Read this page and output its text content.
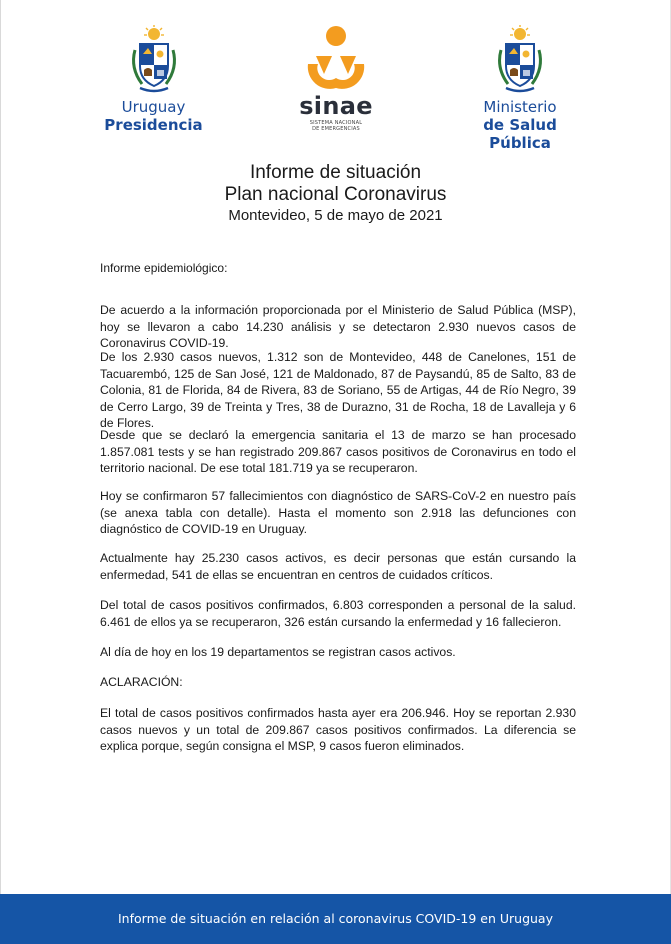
Uruguay
Presidencia
sinae
SISTEMA NACIONAL
DE EMERGENCIAS
Ministerio
de Salud Pública
Informe de situación
Plan nacional Coronavirus
Montevideo, 5 de mayo de 2021
Informe epidemiológico:

De acuerdo a la información proporcionada por el Ministerio de Salud Pública (MSP), hoy se llevaron a cabo 14.230 análisis y se detectaron 2.930 nuevos casos de Coronavirus COVID-19.

De los 2.930 casos nuevos, 1.312 son de Montevideo, 448 de Canelones, 151 de Tacuarembó, 125 de San José, 121 de Maldonado, 87 de Paysandú, 85 de Salto, 83 de Colonia, 81 de Florida, 84 de Rivera, 83 de Soriano, 55 de Artigas, 44 de Río Negro, 39 de Cerro Largo, 39 de Treinta y Tres, 38 de Durazno, 31 de Rocha, 18 de Lavalleja y 6 de Flores.

Desde que se declaró la emergencia sanitaria el 13 de marzo se han procesado 1.857.081 tests y se han registrado 209.867 casos positivos de Coronavirus en todo el territorio nacional. De ese total 181.719 ya se recuperaron.

Hoy se confirmaron 57 fallecimientos con diagnóstico de SARS-CoV-2 en nuestro país (se anexa tabla con detalle). Hasta el momento son 2.918 las defunciones con diagnóstico de COVID-19 en Uruguay.

Actualmente hay 25.230 casos activos, es decir personas que están cursando la enfermedad, 541 de ellas se encuentran en centros de cuidados críticos.

Del total de casos positivos confirmados, 6.803 corresponden a personal de la salud. 6.461 de ellos ya se recuperaron, 326 están cursando la enfermedad y 16 fallecieron.

Al día de hoy en los 19 departamentos se registran casos activos.

ACLARACIÓN:

El total de casos positivos confirmados hasta ayer era 206.946. Hoy se reportan 2.930 casos nuevos y un total de 209.867 casos positivos confirmados. La diferencia se explica porque, según consigna el MSP, 9 casos fueron eliminados.

Informe de situación en relación al coronavirus COVID-19 en Uruguay
